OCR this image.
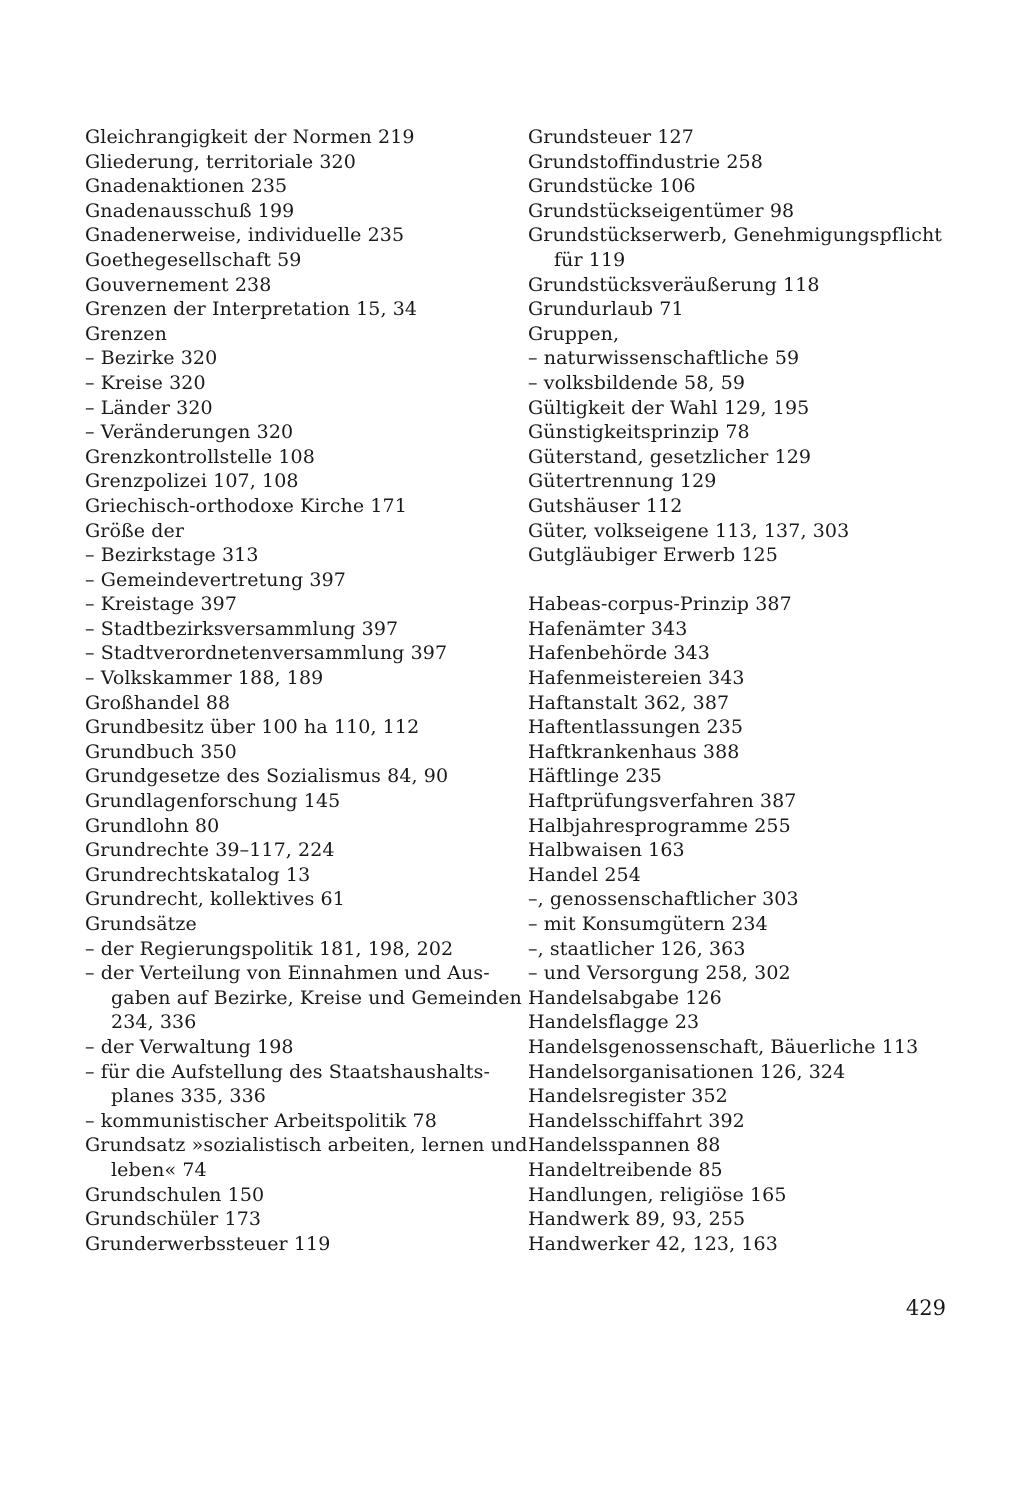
Gleichrangigkeit der Normen 219
Gliederung, territoriale 320
Gnadenaktionen 235
Gnadenausschuß 199
Gnadenerweise, individuelle 235
Goethegesellschaft 59
Gouvernement 238
Grenzen der Interpretation 15, 34
Grenzen
– Bezirke 320
– Kreise 320
– Länder 320
– Veränderungen 320
Grenzkontrollstelle 108
Grenzpolizei 107, 108
Griechisch-orthodoxe Kirche 171
Größe der
– Bezirkstage 313
– Gemeindevertretung 397
– Kreistage 397
– Stadtbezirksversammlung 397
– Stadtverordnetenversammlung 397
– Volkskammer 188, 189
Großhandel 88
Grundbesitz über 100 ha 110, 112
Grundbuch 350
Grundgesetze des Sozialismus 84, 90
Grundlagenforschung 145
Grundlohn 80
Grundrechte 39–117, 224
Grundrechtskatalog 13
Grundrecht, kollektives 61
Grundsätze
– der Regierungspolitik 181, 198, 202
– der Verteilung von Einnahmen und Aus-
gaben auf Bezirke, Kreise und Gemeinden
234, 336
– der Verwaltung 198
– für die Aufstellung des Staatshaushalts-
planes 335, 336
– kommunistischer Arbeitspolitik 78
Grundsatz »sozialistisch arbeiten, lernen und
leben« 74
Grundschulen 150
Grundschüler 173
Grunderwerbssteuer 119
Grundsteuer 127
Grundstoffindustrie 258
Grundstücke 106
Grundstückseigentümer 98
Grundstückserwerb, Genehmigungspflicht
für 119
Grundstücksveräußerung 118
Grundurlaub 71
Gruppen,
– naturwissenschaftliche 59
– volksbildende 58, 59
Gültigkeit der Wahl 129, 195
Günstigkeitsprinzip 78
Güterstand, gesetzlicher 129
Gütertrennung 129
Gutshäuser 112
Güter, volkseigene 113, 137, 303
Gutgläubiger Erwerb 125
Habeas-corpus-Prinzip 387
Hafenämter 343
Hafenbehörde 343
Hafenmeistereien 343
Haftanstalt 362, 387
Haftentlassungen 235
Haftkrankenhaus 388
Häftlinge 235
Haftprüfungsverfahren 387
Halbjahresprogramme 255
Halbwaisen 163
Handel 254
–, genossenschaftlicher 303
– mit Konsumgütern 234
–, staatlicher 126, 363
– und Versorgung 258, 302
Handelsabgabe 126
Handelsflagge 23
Handelsgenossenschaft, Bäuerliche 113
Handelsorganisationen 126, 324
Handelsregister 352
Handelsschiffahrt 392
Handelsspannen 88
Handeltreibende 85
Handlungen, religiöse 165
Handwerk 89, 93, 255
Handwerker 42, 123, 163
429
